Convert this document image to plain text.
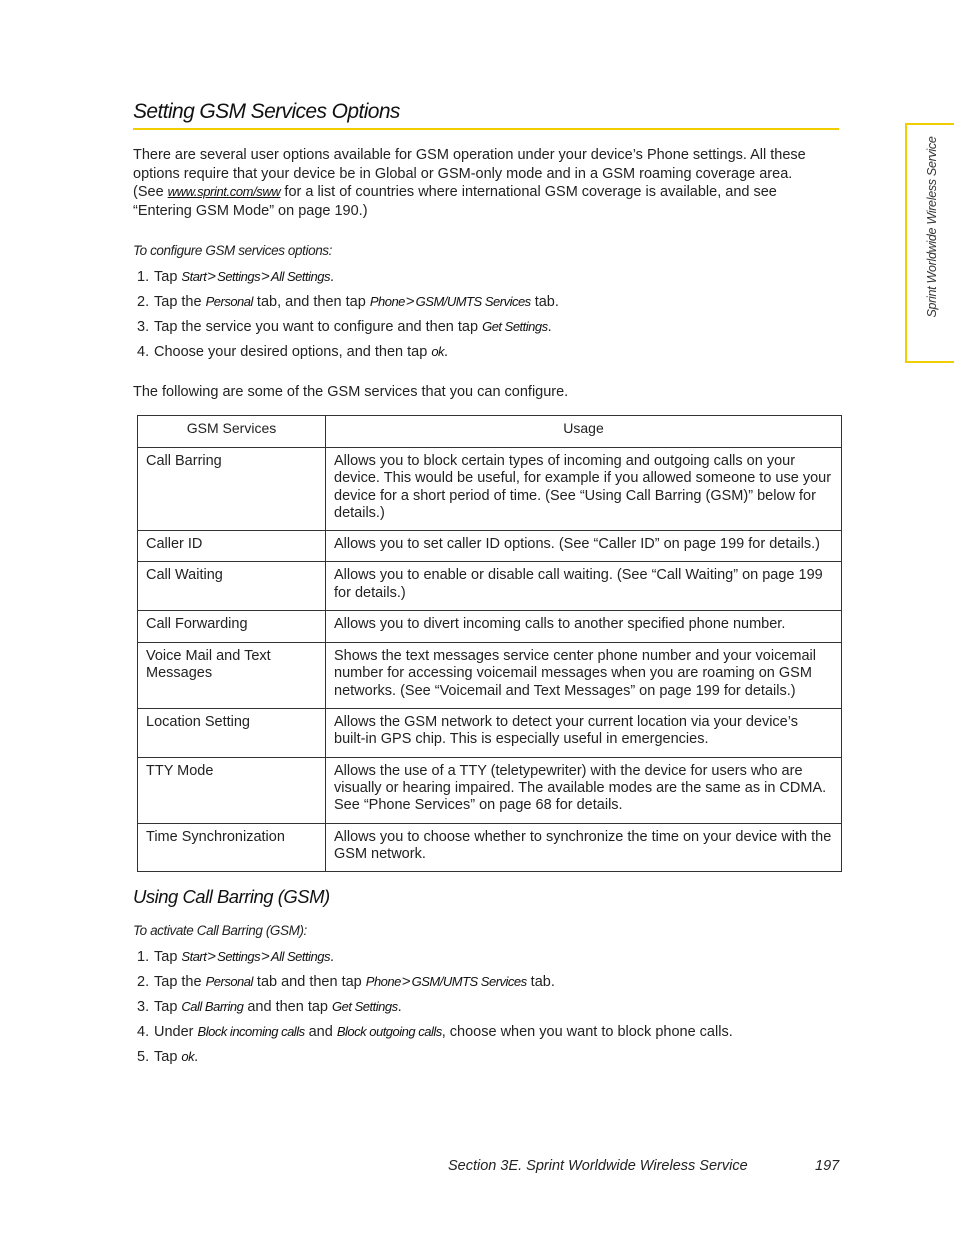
Setting GSM Services Options

There are several user options available for GSM operation under your device’s Phone settings. All these options require that your device be in Global or GSM-only mode and in a GSM roaming coverage area. (See www.sprint.com/sww for a list of countries where international GSM coverage is available, and see “Entering GSM Mode” on page 190.)

To configure GSM services options:
1. Tap Start>Settings>All Settings.
2. Tap the Personal tab, and then tap Phone>GSM/UMTS Services tab.
3. Tap the service you want to configure and then tap Get Settings.
4. Choose your desired options, and then tap ok.

The following are some of the GSM services that you can configure.

GSM Services	Usage
Call Barring	Allows you to block certain types of incoming and outgoing calls on your device. This would be useful, for example if you allowed someone to use your device for a short period of time. (See “Using Call Barring (GSM)” below for details.)
Caller ID	Allows you to set caller ID options. (See “Caller ID” on page 199 for details.)
Call Waiting	Allows you to enable or disable call waiting. (See “Call Waiting” on page 199 for details.)
Call Forwarding	Allows you to divert incoming calls to another specified phone number.
Voice Mail and Text Messages	Shows the text messages service center phone number and your voicemail number for accessing voicemail messages when you are roaming on GSM networks. (See “Voicemail and Text Messages” on page 199 for details.)
Location Setting	Allows the GSM network to detect your current location via your device’s built-in GPS chip. This is especially useful in emergencies.
TTY Mode	Allows the use of a TTY (teletypewriter) with the device for users who are visually or hearing impaired. The available modes are the same as in CDMA. See “Phone Services” on page 68 for details.
Time Synchronization	Allows you to choose whether to synchronize the time on your device with the GSM network.
Using Call Barring (GSM)
To activate Call Barring (GSM):
1. Tap Start>Settings>All Settings.
2. Tap the Personal tab and then tap Phone>GSM/UMTS Services tab.
3. Tap Call Barring and then tap Get Settings.
4. Under Block incoming calls and Block outgoing calls, choose when you want to block phone calls.
5. Tap ok.
Section 3E. Sprint Worldwide Wireless Service	197
Sprint Worldwide Wireless Service
